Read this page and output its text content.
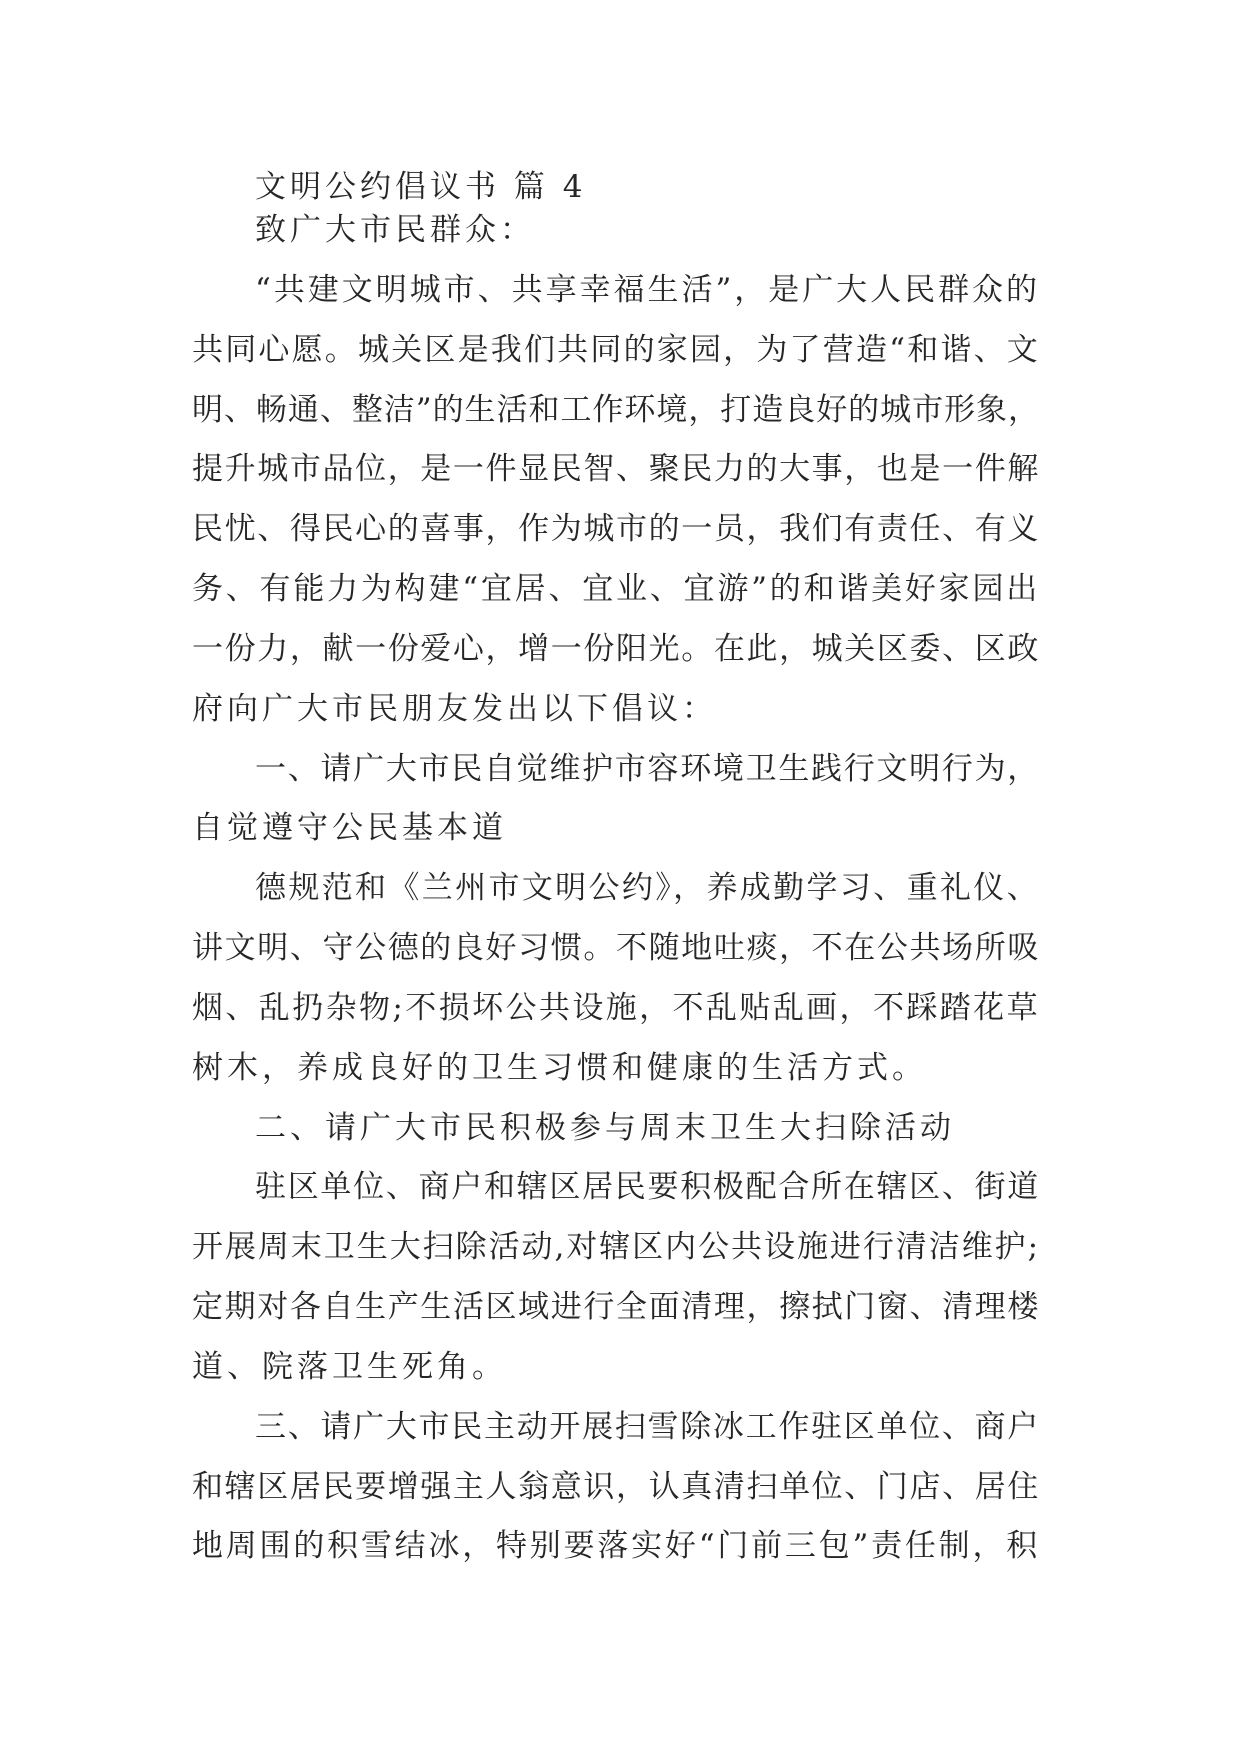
文明公约倡议书 篇 4

致广大市民群众：

“共建文明城市、共享幸福生活”，是广大人民群众的

共同心愿。城关区是我们共同的家园，为了营造“和谐、文

明、畅通、整洁”的生活和工作环境，打造良好的城市形象，

提升城市品位，是一件显民智、聚民力的大事，也是一件解

民忧、得民心的喜事，作为城市的一员，我们有责任、有义

务、有能力为构建“宜居、宜业、宜游”的和谐美好家园出

一份力，献一份爱心，增一份阳光。在此，城关区委、区政

府向广大市民朋友发出以下倡议：

一、请广大市民自觉维护市容环境卫生践行文明行为，

自觉遵守公民基本道

德规范和《兰州市文明公约》，养成勤学习、重礼仪、

讲文明、守公德的良好习惯。不随地吐痰，不在公共场所吸

烟、乱扔杂物;不损坏公共设施，不乱贴乱画，不踩踏花草

树木，养成良好的卫生习惯和健康的生活方式。

二、请广大市民积极参与周末卫生大扫除活动

驻区单位、商户和辖区居民要积极配合所在辖区、街道

开展周末卫生大扫除活动,对辖区内公共设施进行清洁维护;

定期对各自生产生活区域进行全面清理，擦拭门窗、清理楼

道、院落卫生死角。

三、请广大市民主动开展扫雪除冰工作驻区单位、商户

和辖区居民要增强主人翁意识，认真清扫单位、门店、居住

地周围的积雪结冰，特别要落实好“门前三包”责任制，积
